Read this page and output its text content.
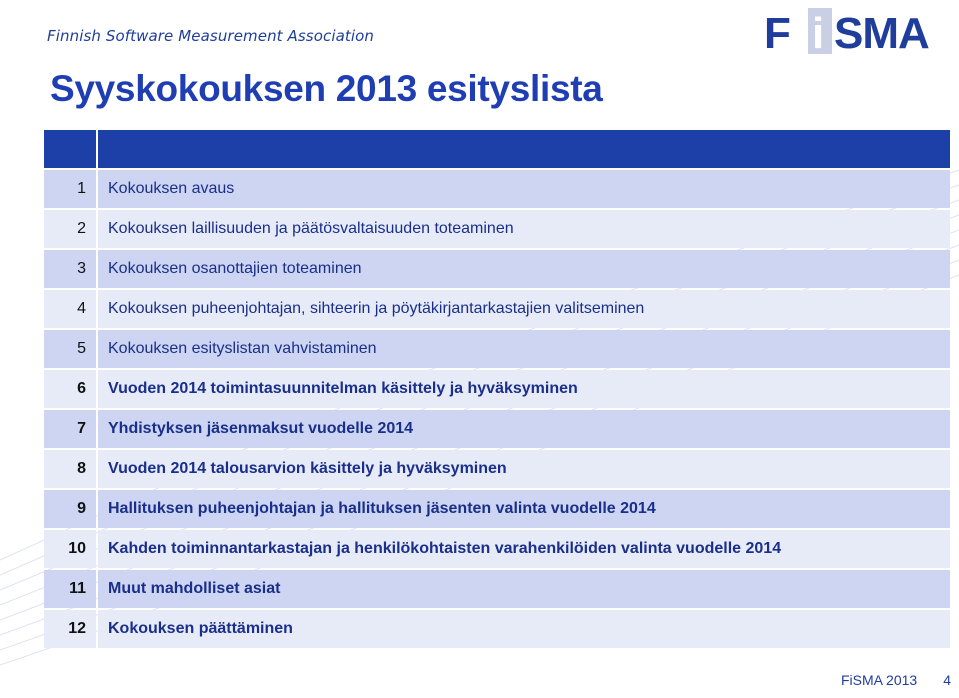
Finnish Software Measurement Association	F i SMA
Syyskokouksen 2013 esityslista

1	Kokouksen avaus
2	Kokouksen laillisuuden ja päätösvaltaisuuden toteaminen
3	Kokouksen osanottajien toteaminen
4	Kokouksen puheenjohtajan, sihteerin ja pöytäkirjantarkastajien valitseminen
5	Kokouksen esityslistan vahvistaminen
6	Vuoden 2014 toimintasuunnitelman käsittely ja hyväksyminen
7	Yhdistyksen jäsenmaksut vuodelle 2014
8	Vuoden 2014 talousarvion käsittely ja hyväksyminen
9	Hallituksen puheenjohtajan ja hallituksen jäsenten valinta vuodelle 2014
10	Kahden toiminnantarkastajan ja henkilökohtaisten varahenkilöiden valinta vuodelle 2014
11	Muut mahdolliset asiat
12	Kokouksen päättäminen
FiSMA 2013 4
